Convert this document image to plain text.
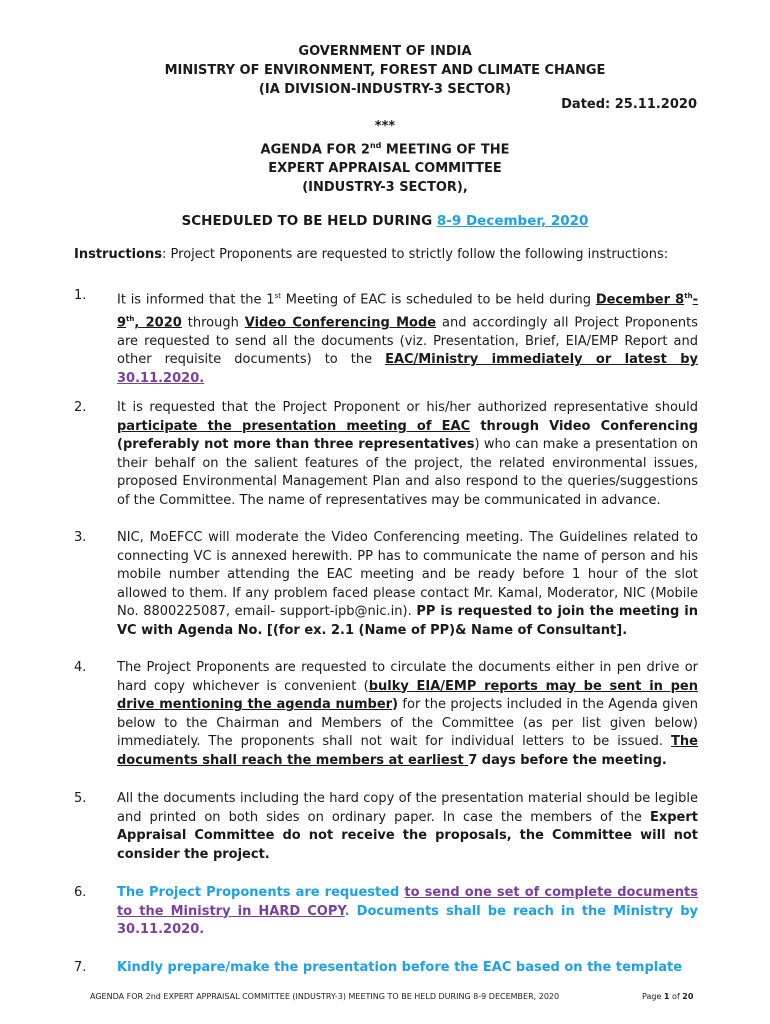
GOVERNMENT OF INDIA
MINISTRY OF ENVIRONMENT, FOREST AND CLIMATE CHANGE
(IA DIVISION-INDUSTRY-3 SECTOR)
Dated: 25.11.2020
***
AGENDA FOR 2nd MEETING OF THE
EXPERT APPRAISAL COMMITTEE
(INDUSTRY-3 SECTOR),
SCHEDULED TO BE HELD DURING 8-9 December, 2020
Instructions: Project Proponents are requested to strictly follow the following instructions:
1.	It is informed that the 1st Meeting of EAC is scheduled to be held during December 8th-9th, 2020 through Video Conferencing Mode and accordingly all Project Proponents are requested to send all the documents (viz. Presentation, Brief, EIA/EMP Report and other requisite documents) to the EAC/Ministry immediately or latest by 30.11.2020.
2.	It is requested that the Project Proponent or his/her authorized representative should participate the presentation meeting of EAC through Video Conferencing (preferably not more than three representatives) who can make a presentation on their behalf on the salient features of the project, the related environmental issues, proposed Environmental Management Plan and also respond to the queries/suggestions of the Committee. The name of representatives may be communicated in advance.
3.	NIC, MoEFCC will moderate the Video Conferencing meeting. The Guidelines related to connecting VC is annexed herewith. PP has to communicate the name of person and his mobile number attending the EAC meeting and be ready before 1 hour of the slot allowed to them. If any problem faced please contact Mr. Kamal, Moderator, NIC (Mobile No. 8800225087, email- support-ipb@nic.in). PP is requested to join the meeting in VC with Agenda No. [(for ex. 2.1 (Name of PP)& Name of Consultant].
4.	The Project Proponents are requested to circulate the documents either in pen drive or hard copy whichever is convenient (bulky EIA/EMP reports may be sent in pen drive mentioning the agenda number) for the projects included in the Agenda given below to the Chairman and Members of the Committee (as per list given below) immediately. The proponents shall not wait for individual letters to be issued. The documents shall reach the members at earliest 7 days before the meeting.
5.	All the documents including the hard copy of the presentation material should be legible and printed on both sides on ordinary paper. In case the members of the Expert Appraisal Committee do not receive the proposals, the Committee will not consider the project.
6.	The Project Proponents are requested to send one set of complete documents to the Ministry in HARD COPY. Documents shall be reach in the Ministry by 30.11.2020.
7.	Kindly prepare/make the presentation before the EAC based on the template
AGENDA FOR 2nd EXPERT APPRAISAL COMMITTEE (INDUSTRY-3) MEETING TO BE HELD DURING 8-9 DECEMBER, 2020	Page 1 of 20
